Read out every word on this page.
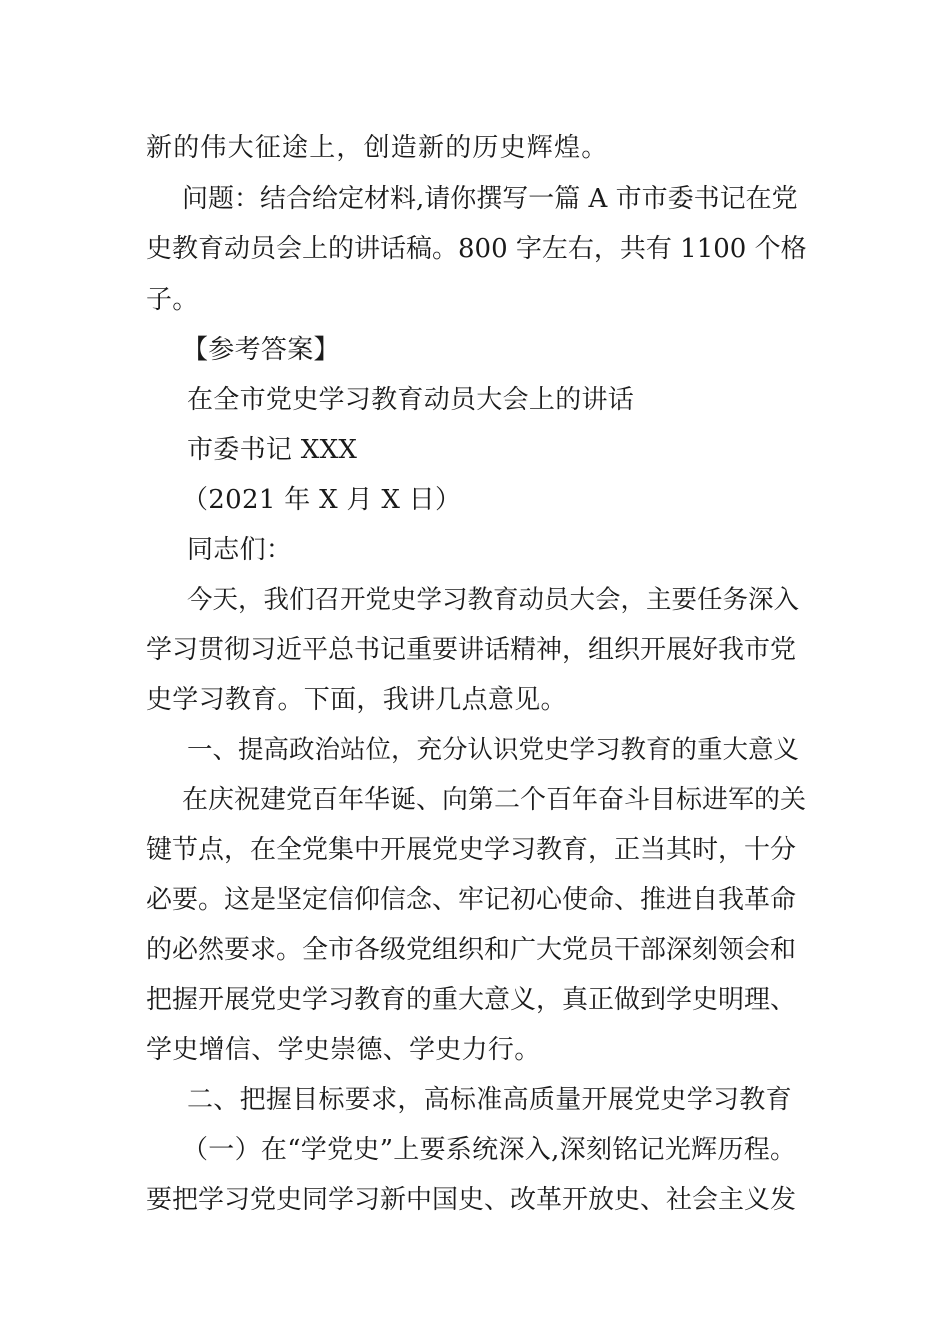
新的伟大征途上，创造新的历史辉煌。
问题：结合给定材料,请你撰写一篇 A 市市委书记在党
史教育动员会上的讲话稿。800 字左右，共有 1100 个格
子。
【参考答案】
在全市党史学习教育动员大会上的讲话
市委书记 XXX
（2021 年 X 月 X 日）
同志们：
今天，我们召开党史学习教育动员大会，主要任务深入
学习贯彻习近平总书记重要讲话精神，组织开展好我市党
史学习教育。下面，我讲几点意见。
一、提高政治站位，充分认识党史学习教育的重大意义
在庆祝建党百年华诞、向第二个百年奋斗目标进军的关
键节点，在全党集中开展党史学习教育，正当其时，十分
必要。这是坚定信仰信念、牢记初心使命、推进自我革命
的必然要求。全市各级党组织和广大党员干部深刻领会和
把握开展党史学习教育的重大意义，真正做到学史明理、
学史增信、学史崇德、学史力行。
二、把握目标要求，高标准高质量开展党史学习教育
（一）在“学党史”上要系统深入,深刻铭记光辉历程。
要把学习党史同学习新中国史、改革开放史、社会主义发
